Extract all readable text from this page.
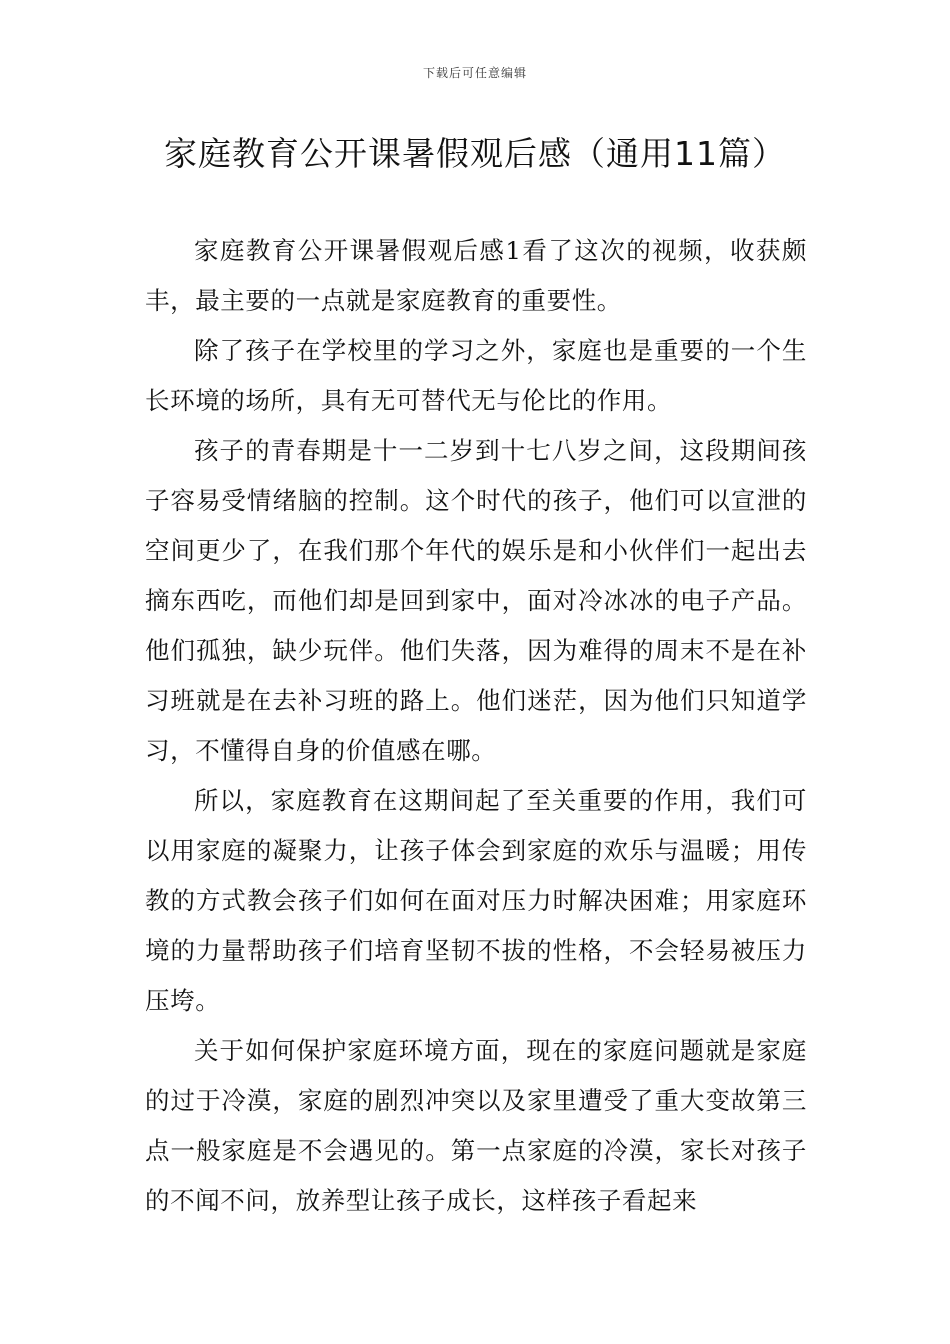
下载后可任意编辑
家庭教育公开课暑假观后感（通用11篇）

家庭教育公开课暑假观后感1看了这次的视频，收获颇丰，最主要的一点就是家庭教育的重要性。

除了孩子在学校里的学习之外，家庭也是重要的一个生长环境的场所，具有无可替代无与伦比的作用。

孩子的青春期是十一二岁到十七八岁之间，这段期间孩子容易受情绪脑的控制。这个时代的孩子，他们可以宣泄的空间更少了，在我们那个年代的娱乐是和小伙伴们一起出去摘东西吃，而他们却是回到家中，面对冷冰冰的电子产品。他们孤独，缺少玩伴。他们失落，因为难得的周末不是在补习班就是在去补习班的路上。他们迷茫，因为他们只知道学习，不懂得自身的价值感在哪。

所以，家庭教育在这期间起了至关重要的作用，我们可以用家庭的凝聚力，让孩子体会到家庭的欢乐与温暖；用传教的方式教会孩子们如何在面对压力时解决困难；用家庭环境的力量帮助孩子们培育坚韧不拔的性格，不会轻易被压力压垮。

关于如何保护家庭环境方面，现在的家庭问题就是家庭的过于冷漠，家庭的剧烈冲突以及家里遭受了重大变故第三点一般家庭是不会遇见的。第一点家庭的冷漠，家长对孩子的不闻不问，放养型让孩子成长，这样孩子看起来
